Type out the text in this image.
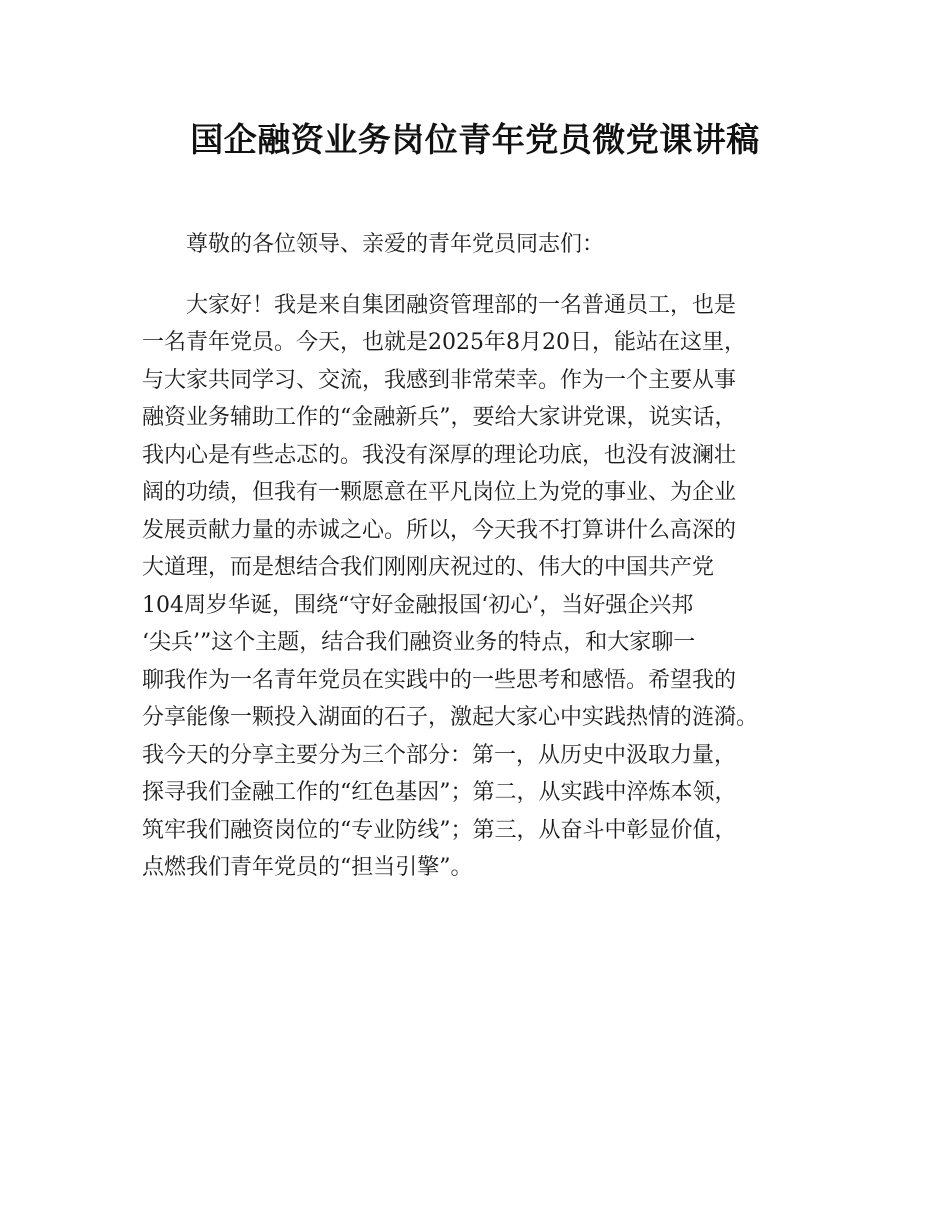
国企融资业务岗位青年党员微党课讲稿

　　尊敬的各位领导、亲爱的青年党员同志们：

　　大家好！我是来自集团融资管理部的一名普通员工，也是
一名青年党员。今天，也就是2025年8月20日，能站在这里，
与大家共同学习、交流，我感到非常荣幸。作为一个主要从事
融资业务辅助工作的“金融新兵”，要给大家讲党课，说实话，
我内心是有些忐忑的。我没有深厚的理论功底，也没有波澜壮
阔的功绩，但我有一颗愿意在平凡岗位上为党的事业、为企业
发展贡献力量的赤诚之心。所以，今天我不打算讲什么高深的
大道理，而是想结合我们刚刚庆祝过的、伟大的中国共产党
104周岁华诞，围绕“守好金融报国‘初心’，当好强企兴邦
‘尖兵’”这个主题，结合我们融资业务的特点，和大家聊一
聊我作为一名青年党员在实践中的一些思考和感悟。希望我的
分享能像一颗投入湖面的石子，激起大家心中实践热情的涟漪。
我今天的分享主要分为三个部分：第一，从历史中汲取力量，
探寻我们金融工作的“红色基因”；第二，从实践中淬炼本领，
筑牢我们融资岗位的“专业防线”；第三，从奋斗中彰显价值，
点燃我们青年党员的“担当引擎”。
